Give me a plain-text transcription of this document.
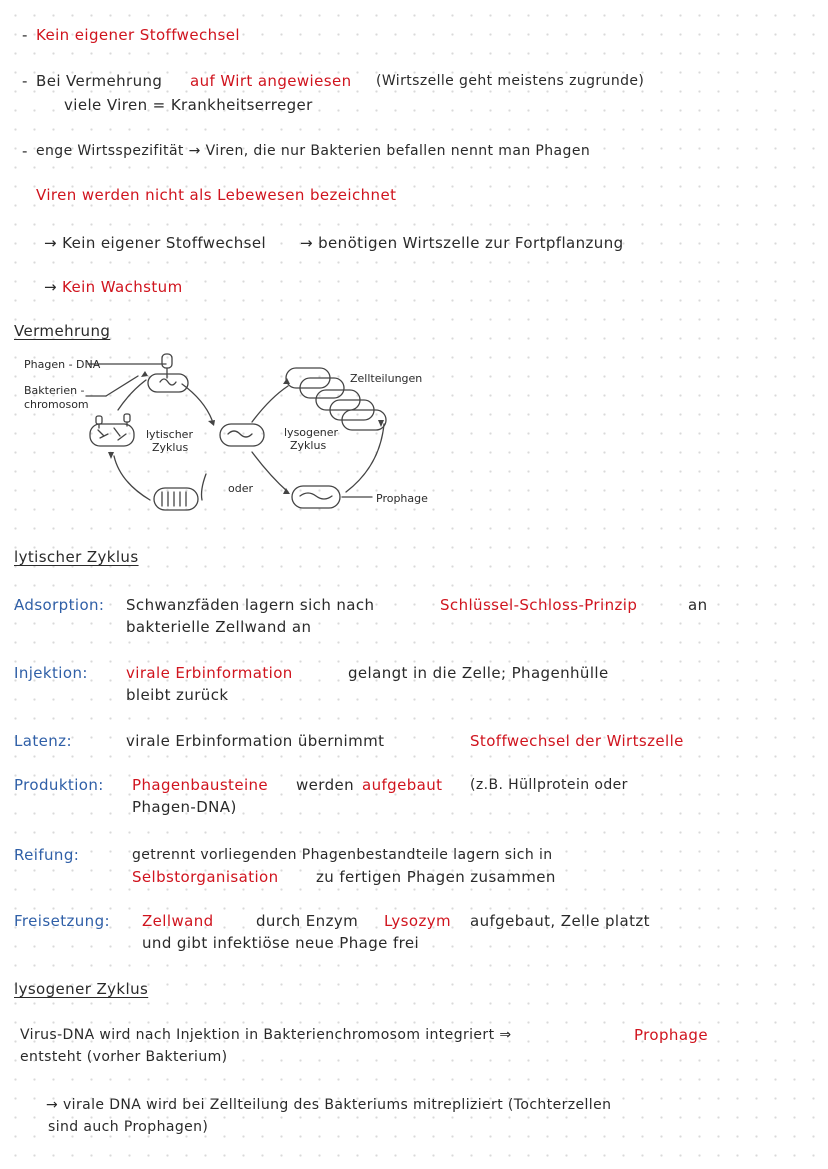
- Kein eigener Stoffwechsel
- Bei Vermehrung auf Wirt angewiesen (Wirtszelle geht meistens zugrunde)
viele Viren = Krankheitserreger
- enge Wirtsspezifität → Viren, die nur Bakterien befallen nennt man Phagen
Viren werden nicht als Lebewesen bezeichnet
→ Kein eigener Stoffwechsel → benötigen Wirtszelle zur Fortpflanzung
→ Kein Wachstum
Vermehrung
Phagen - DNA
Bakterien -
chromosom
lytischer
Zyklus
lysogener
Zyklus
oder
Zellteilungen
Prophage
lytischer Zyklus
Adsorption: Schwanzfäden lagern sich nach	Schlüssel-Schloss-Prinzip	an
bakterielle Zellwand an
Injektion:	virale Erbinformation	gelangt in die Zelle; Phagenhülle
bleibt zurück
Latenz:	virale Erbinformation übernimmt	Stoffwechsel der Wirtszelle
Produktion: Phagenbausteine werden aufgebaut (z.B. Hüllprotein oder
Phagen-DNA)
Reifung:	getrennt vorliegenden Phagenbestandteile lagern sich in
Selbstorganisation zu fertigen Phagen zusammen
Freisetzung: Zellwand	durch Enzym Lysozym aufgebaut, Zelle platzt
und gibt infektiöse neue Phage frei
lysogener Zyklus
Virus-DNA wird nach Injektion in Bakterienchromosom integriert ⇒	Prophage
entsteht (vorher Bakterium)
→ virale DNA wird bei Zellteilung des Bakteriums mitrepliziert (Tochterzellen
sind auch Prophagen)
